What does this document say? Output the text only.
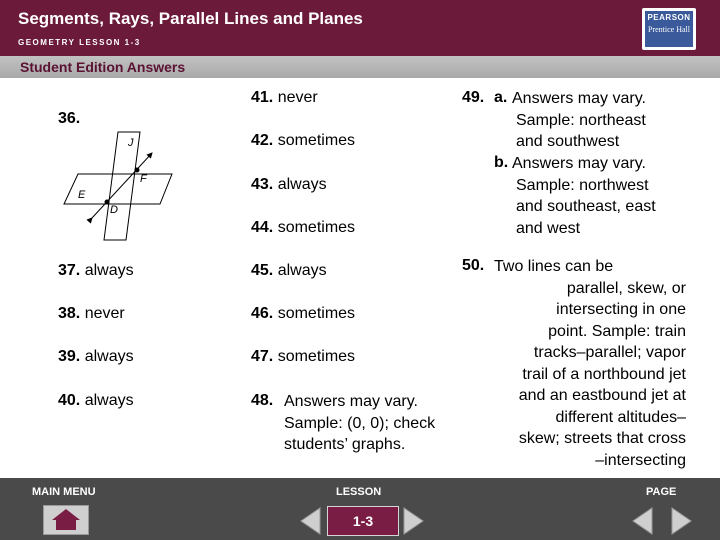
Segments, Rays, Parallel Lines and Planes
GEOMETRY LESSON 1-3
PEARSON
Prentice Hall
Student Edition Answers
36.
J
F
E
D
37. always
38. never
39. always
40. always
41. never
42. sometimes
43. always
44. sometimes
45. always
46. sometimes
47. sometimes
48. Answers may vary.
Sample: (0, 0); check
students’ graphs.
49. a. Answers may vary.
Sample: northeast
and southwest
b. Answers may vary.
Sample: northwest
and southeast, east
and west
50. Two lines can be
parallel, skew, or
intersecting in one
point. Sample: train
tracks–parallel; vapor
trail of a northbound jet
and an eastbound jet at
different altitudes–
skew; streets that cross
–intersecting
MAIN MENU	LESSON	PAGE
1-3
